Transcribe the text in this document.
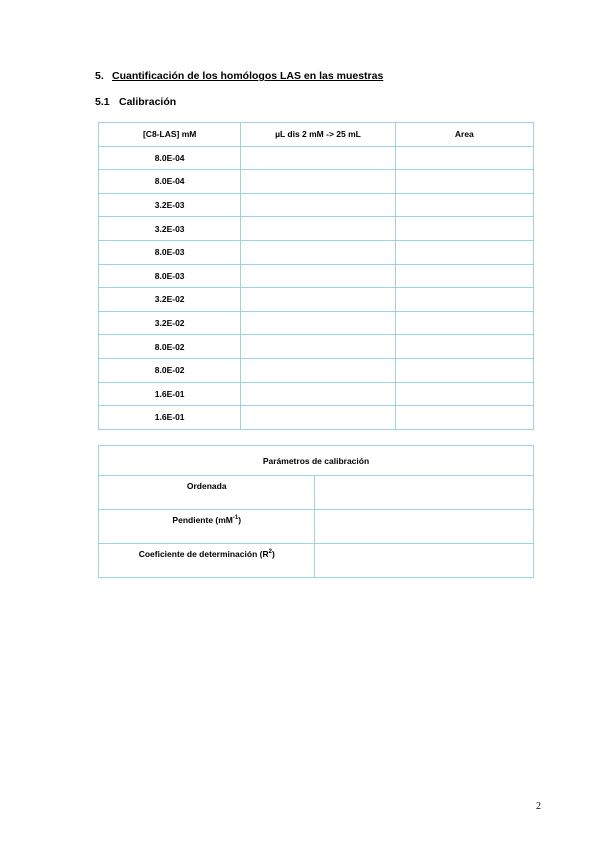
5. Cuantificación de los homólogos LAS en las muestras
5.1 Calibración
[C8-LAS] mM	µL dis 2 mM -> 25 mL	Area
8.0E-04		
8.0E-04		
3.2E-03		
3.2E-03		
8.0E-03		
8.0E-03		
3.2E-02		
3.2E-02		
8.0E-02		
8.0E-02		
1.6E-01		
1.6E-01		
Parámetros de calibración	
Ordenada	
Pendiente $(mM^{-1})$	
Coeficiente de determinación $(R^2)$	
2
